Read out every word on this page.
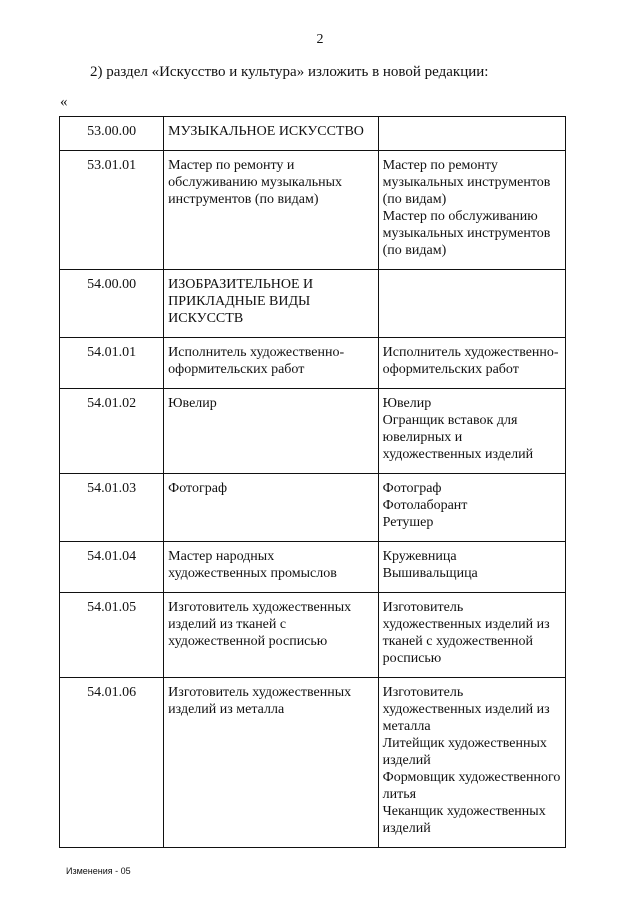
2
2) раздел «Искусство и культура» изложить в новой редакции:
«
53.00.00	МУЗЫКАЛЬНОЕ ИСКУССТВО	
53.01.01	Мастер по ремонту и обслуживанию музыкальных инструментов (по видам)	Мастер по ремонту музыкальных инструментов (по видам)
Мастер по обслуживанию музыкальных инструментов (по видам)

54.00.00	ИЗОБРАЗИТЕЛЬНОЕ И ПРИКЛАДНЫЕ ВИДЫ ИСКУССТВ	
54.01.01	Исполнитель художественно-оформительских работ	Исполнитель художественно-оформительских работ

54.01.02	Ювелир	Ювелир
Огранщик вставок для ювелирных и художественных изделий

54.01.03	Фотограф	Фотограф
Фотолаборант
Ретушер

54.01.04	Мастер народных художественных промыслов	Кружевница
Вышивальщица

54.01.05	Изготовитель художественных изделий из тканей с художественной росписью	Изготовитель художественных изделий из тканей с художественной росписью

54.01.06	Изготовитель художественных изделий из металла	Изготовитель художественных изделий из металла
Литейщик художественных изделий
Формовщик художественного литья
Чеканщик художественных изделий
Изменения - 05
